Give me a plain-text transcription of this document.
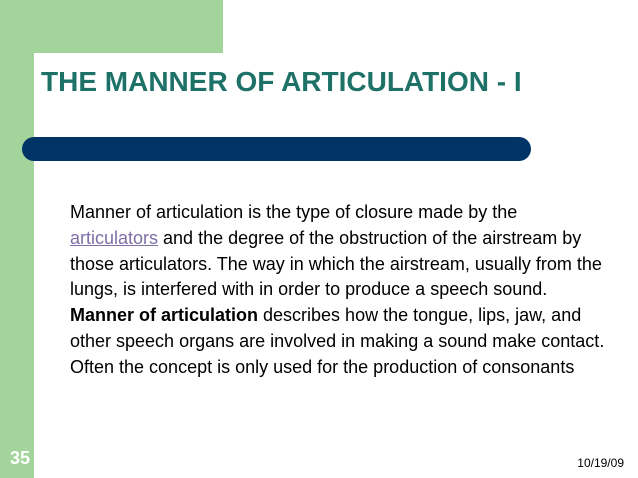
THE MANNER OF ARTICULATION - I
Manner of articulation is the type of closure made by the articulators and the degree of the obstruction of the airstream by those articulators. The way in which the airstream, usually from the lungs, is interfered with in order to produce a speech sound. Manner of articulation describes how the tongue, lips, jaw, and other speech organs are involved in making a sound make contact. Often the concept is only used for the production of consonants
35	10/19/09
